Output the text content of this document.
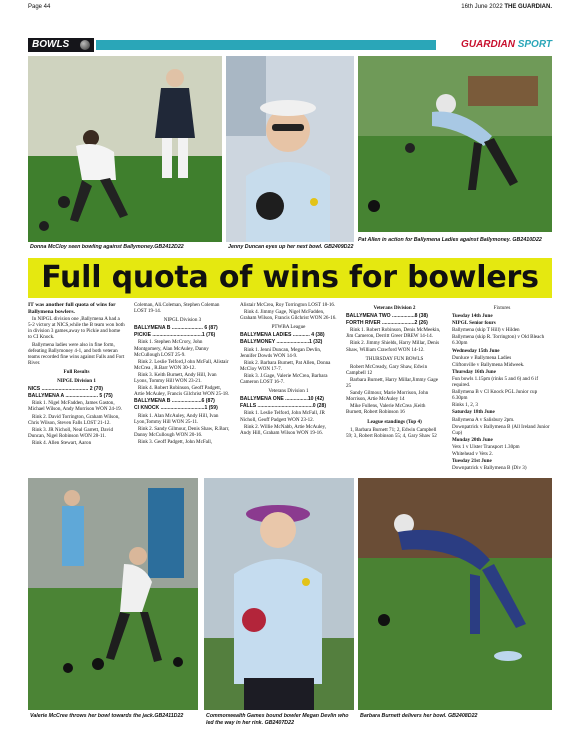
Page 44	16th June 2022 THE GUARDIAN.
BOWLS	GUARDIAN SPORT
Donna McCloy seen bowling against Ballymoney.GB2412D22	Jenny Duncan eyes up her next bowl. GB2409D22
Pat Allen in action for Ballymena Ladies against Ballymoney. GB2410D22
Full quota of wins for bowlers

IT was another full quota of wins for Ballymena bowlers.

In NIPGL division one ,Ballymena A had a 5-2 victory at NICS,while the B team won both in division 3 games,away to Pickie and home to CI Knock.

Ballymena ladies were also in fine form, defeating Ballymoney 4-1, and both veteran teams recorded fine wins against Falls and Fort River.

Full Results

NIPGL Division 1

NICS ................................. 2 (70)

BALLYMENA A ....................... 5 (75)

Rink 1. Nigel McFadden, James Gaston, Michael Wilson, Andy Morrison WON 24-19.

Rink 2. David Torrington, Graham Wilson, Chris Wilson, Steven Falls LOST 21-12.

Rink 3. JR Nicholl, Neal Garrett, David Duncan, Nigel Robinson WON 28-11.

Rink 4. Allen Stewart, Aaron

Coleman, Ali.Coleman, Stephen Coleman LOST 19-14.

NIPGL Division 3

BALLYMENA B ...................... 6 (87)

PICKIE ...................................1 (76)

Rink 1. Stephen McCrory, John Montgomery, Alan McAuley, Danny McCullough LOST 25-9.

Rink 2. Leslie Telford,J ohn McFall, Alistair McCrea , R.Barr WON 30-12.

Rink 3. Keith Burnett, Andy Hill, Ivan Lyons, Tommy Hill WON 23-21.

Rink 4. Robert Robinson, Geoff Padgett, Artie McAuley, Francis Gilchrist WON 25-18.

BALLYMENA B .....................6 (87)

CI KNOCK ...............................1 (59)

Rink 1. Alan McAuley, Andy Hill, Ivan Lyon,Tommy Hill WON 25-11.

Rink 2. Sandy Gilmour, Denis Shaw, R.Barr, Danny McCullough WON 20-16.

Rink 3. Geoff Padgett, John McFall,

Alistair McCrea, Roy Torrington LOST 18-16.

Rink 4. Jimmy Gage, Nigel McFadden, Graham Wilson, Francis Gilchrist WON 26-16.

PTWBA League

BALLYMENA LADIES ............ 4 (38)

BALLYMONEY .......................1 (32)

Rink 1. Jenni Duncan, Megan Devlin, Jennifer Dowds WON 14-9.

Rink 2. Barbara Burnett, Pat Allen, Donna McCloy WON 17-7.

Rink 3. J.Gage, Valerie McCrea, Barbara Cameron LOST 16-7.

Veterans Division 1

BALLYMENA ONE ................10 (42)

FALLS .......................................0 (28)

Rink 1. Leslie Telford, John McFall, JR Nicholl, Geoff Padgett WON 23-12.

Rink 2. Willie McNabb, Artie McAuley, Andy Hill, Graham Wilson WON 19-16.

Veterans Division 2

BALLYMENA TWO ................8 (38)

FORTH RIVER .......................2 (26)

Rink 1. Robert Robinson, Denis McMeekin, Jim Cameron, Derritt Greer DREW 14-14.

Rink 2. Jimmy Shields, Harry Millar, Denis Shaw, William Crawford WON 14-12.

THURSDAY FUN BOWLS

Robert McCready, Gary Shaw, Edwin Campbell 12

Barbara Burnett, Harry Millar,Jimmy Gage 25

Sandy Gilmour, Marie Morrison, John Morrison, Artie McAuley 14

Mike Fullens, Valerie McCrea ,Keith Burnett, Robert Robinson 16

League standings (Top 4)

1, Barbara Burnett 71; 2, Edwin Campbell 59; 3, Robert Robinson 55; 4, Gary Shaw 52

Fixtures

Tuesday 14th June

NIPGL Senior fours

Ballymena (skip T Hill) v Hilden

Ballymena (skip R. Torrington) v Old Bleach 6.30pm

Wednesday 15th June

Dunluce v Ballymena Ladies

Cliftonville v Ballymena Midweek.

Thursday 16th June

Fun bowls 1.15pm (rinks 5 and 6) and 6 if required.

Ballymena B v CI Knock PGL Junior cup 6.30pm

Rinks 1, 2, 3

Saturday 18th June

Ballymena A v Salisbury 2pm.

Downpatrick v Ballymena B (All Ireland Junior Cup)

Monday 20th June

Vets 1 v Ulster Transport 1.30pm

Whitehead v Vets 2.

Tuesday 21st June

Downpatrick v Ballymena B (Div 3)

Valerie McCree throws her bowl towards the jack.GB2411D22	Commonwealth Games bound bowler Megan Devlin who led the way in her rink. GB2407D22
Barbara Burnett delivers her bowl. GB2408D22
